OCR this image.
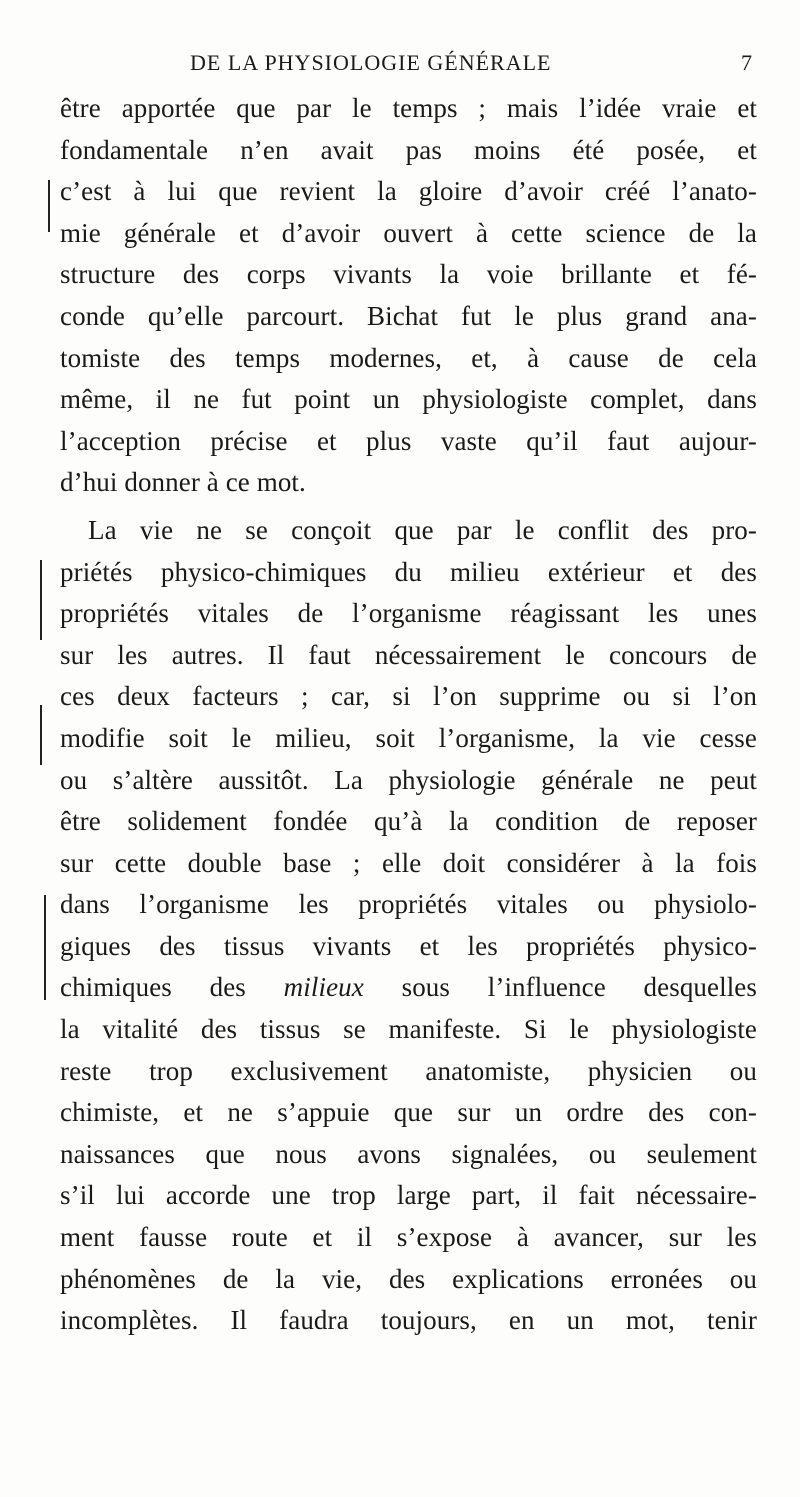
DE LA PHYSIOLOGIE GÉNÉRALE	7
être apportée que par le temps ; mais l’idée vraie et
fondamentale n’en avait pas moins été posée, et
c’est à lui que revient la gloire d’avoir créé l’anato-
mie générale et d’avoir ouvert à cette science de la
structure des corps vivants la voie brillante et fé-
conde qu’elle parcourt. Bichat fut le plus grand ana-
tomiste des temps modernes, et, à cause de cela
même, il ne fut point un physiologiste complet, dans
l’acception précise et plus vaste qu’il faut aujour-
d’hui donner à ce mot.
La vie ne se conçoit que par le conflit des pro-
priétés physico-chimiques du milieu extérieur et des
propriétés vitales de l’organisme réagissant les unes
sur les autres. Il faut nécessairement le concours de
ces deux facteurs ; car, si l’on supprime ou si l’on
modifie soit le milieu, soit l’organisme, la vie cesse
ou s’altère aussitôt. La physiologie générale ne peut
être solidement fondée qu’à la condition de reposer
sur cette double base ; elle doit considérer à la fois
dans l’organisme les propriétés vitales ou physiolo-
giques des tissus vivants et les propriétés physico-
chimiques des milieux sous l’influence desquelles
la vitalité des tissus se manifeste. Si le physiologiste
reste trop exclusivement anatomiste, physicien ou
chimiste, et ne s’appuie que sur un ordre des con-
naissances que nous avons signalées, ou seulement
s’il lui accorde une trop large part, il fait nécessaire-
ment fausse route et il s’expose à avancer, sur les
phénomènes de la vie, des explications erronées ou
incomplètes. Il faudra toujours, en un mot, tenir
